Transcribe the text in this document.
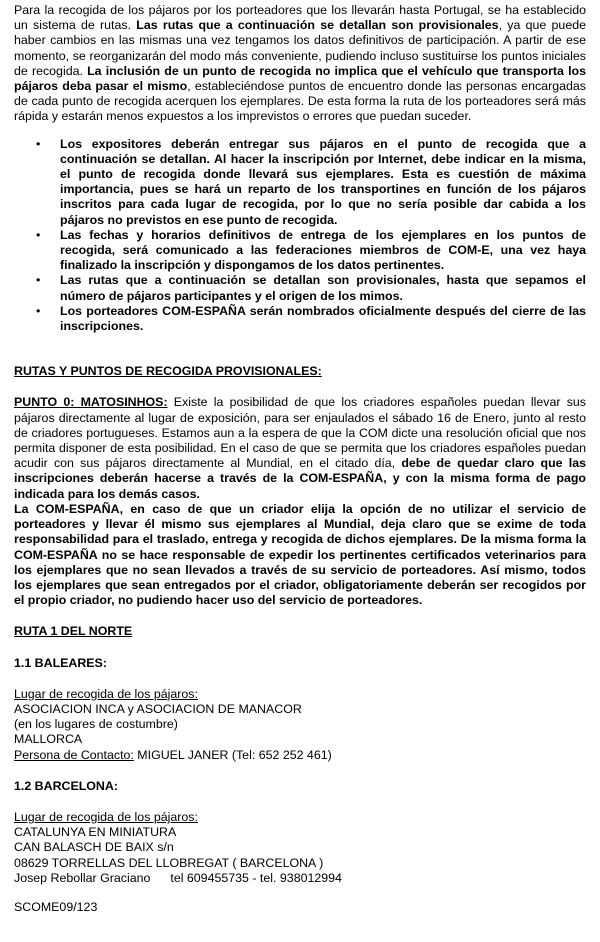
Para la recogida de los pájaros por los porteadores que los llevarán hasta Portugal, se ha establecido un sistema de rutas. Las rutas que a continuación se detallan son provisionales, ya que puede haber cambios en las mismas una vez tengamos los datos definitivos de participación. A partir de ese momento, se reorganizarán del modo más conveniente, pudiendo incluso sustituirse los puntos iniciales de recogida. La inclusión de un punto de recogida no implica que el vehículo que transporta los pájaros deba pasar el mismo, estableciéndose puntos de encuentro donde las personas encargadas de cada punto de recogida acerquen los ejemplares. De esta forma la ruta de los porteadores será más rápida y estarán menos expuestos a los imprevistos o errores que puedan suceder.

• Los expositores deberán entregar sus pájaros en el punto de recogida que a continuación se detallan. Al hacer la inscripción por Internet, debe indicar en la misma, el punto de recogida donde llevará sus ejemplares. Esta es cuestión de máxima importancia, pues se hará un reparto de los transportines en función de los pájaros inscritos para cada lugar de recogida, por lo que no sería posible dar cabida a los pájaros no previstos en ese punto de recogida.
• Las fechas y horarios definitivos de entrega de los ejemplares en los puntos de recogida, será comunicado a las federaciones miembros de COM-E, una vez haya finalizado la inscripción y dispongamos de los datos pertinentes.
• Las rutas que a continuación se detallan son provisionales, hasta que sepamos el número de pájaros participantes y el origen de los mimos.
• Los porteadores COM-ESPAÑA serán nombrados oficialmente después del cierre de las inscripciones.

RUTAS Y PUNTOS DE RECOGIDA PROVISIONALES:

PUNTO 0: MATOSINHOS: Existe la posibilidad de que los criadores españoles puedan llevar sus pájaros directamente al lugar de exposición, para ser enjaulados el sábado 16 de Enero, junto al resto de criadores portugueses. Estamos aun a la espera de que la COM dicte una resolución oficial que nos permita disponer de esta posibilidad. En el caso de que se permita que los criadores españoles puedan acudir con sus pájaros directamente al Mundial, en el citado día, debe de quedar claro que las inscripciones deberán hacerse a través de la COM-ESPAÑA, y con la misma forma de pago indicada para los demás casos.

La COM-ESPAÑA, en caso de que un criador elija la opción de no utilizar el servicio de porteadores y llevar él mismo sus ejemplares al Mundial, deja claro que se exime de toda responsabilidad para el traslado, entrega y recogida de dichos ejemplares. De la misma forma la COM-ESPAÑA no se hace responsable de expedir los pertinentes certificados veterinarios para los ejemplares que no sean llevados a través de su servicio de porteadores. Así mismo, todos los ejemplares que sean entregados por el criador, obligatoriamente deberán ser recogidos por el propio criador, no pudiendo hacer uso del servicio de porteadores.

RUTA 1 DEL NORTE

1.1 BALEARES:

Lugar de recogida de los pájaros:

ASOCIACION INCA y ASOCIACION DE MANACOR

(en los lugares de costumbre)

MALLORCA

Persona de Contacto: MIGUEL JANER (Tel: 652 252 461)

1.2 BARCELONA:

Lugar de recogida de los pájaros:

CATALUNYA EN MINIATURA

CAN BALASCH DE BAIX s/n

08629 TORRELLAS DEL LLOBREGAT ( BARCELONA )

Josep Rebollar Graciano tel 609455735 - tel. 938012994

SCOME09/123
